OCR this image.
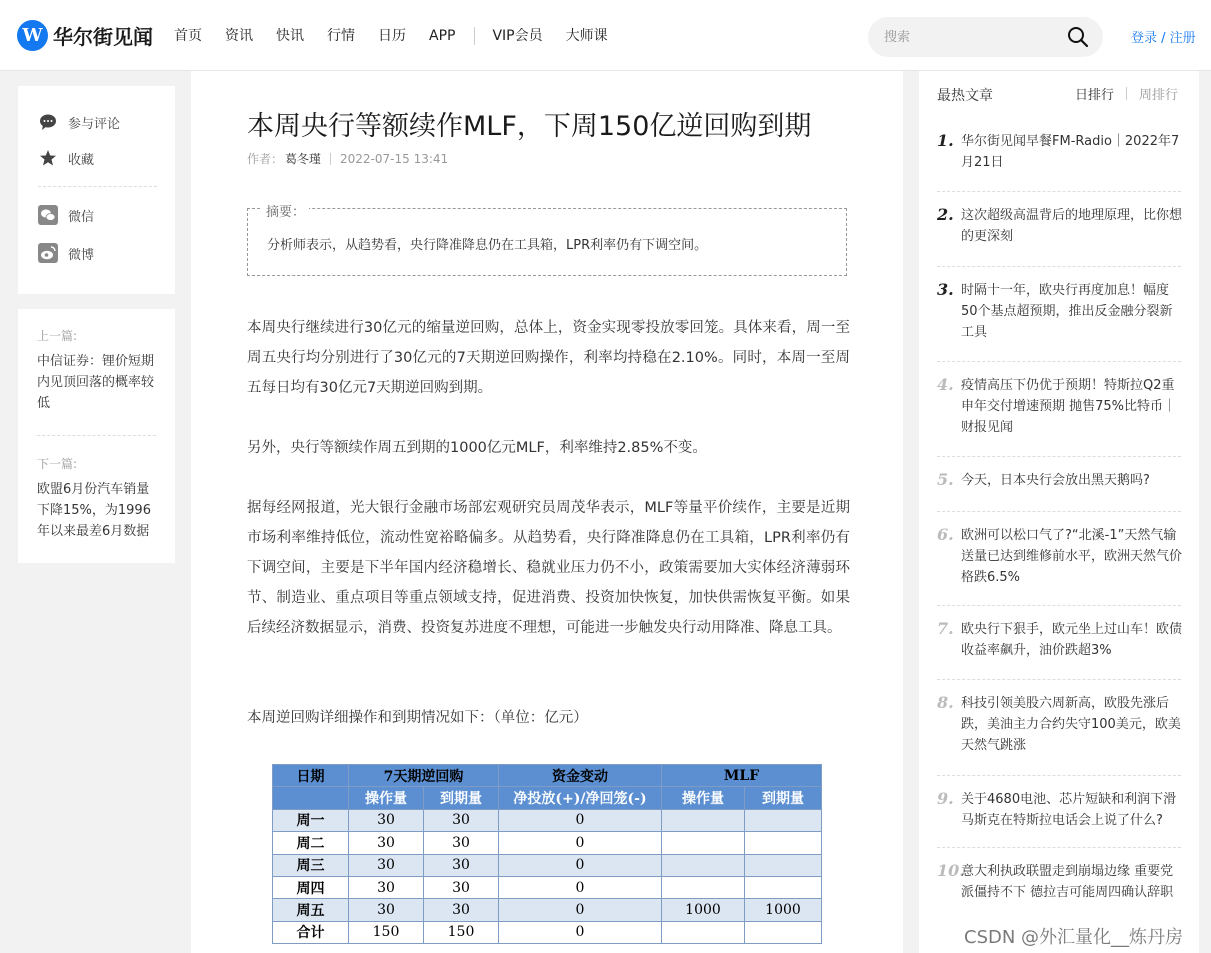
W 华尔街见闻 首页 资讯 快讯 行情 日历 APP	VIP会员 大师课
搜索	登录 / 注册
参与评论
收藏
微信
微博
上一篇:
中信证券：锂价短期内见顶回落的概率较低
下一篇:
欧盟6月份汽车销量下降15%，为1996年以来最差6月数据
本周央行等额续作MLF，下周150亿逆回购到期
作者： 葛冬瑾 2022-07-15 13:41
摘要：
分析师表示，从趋势看，央行降准降息仍在工具箱，LPR利率仍有下调空间。

本周央行继续进行30亿元的缩量逆回购，总体上，资金实现零投放零回笼。具体来看，周一至周五央行均分别进行了30亿元的7天期逆回购操作，利率均持稳在2.10%。同时，本周一至周五每日均有30亿元7天期逆回购到期。

另外，央行等额续作周五到期的1000亿元MLF，利率维持2.85%不变。

据每经网报道，光大银行金融市场部宏观研究员周茂华表示，MLF等量平价续作，主要是近期市场利率维持低位，流动性宽裕略偏多。从趋势看，央行降准降息仍在工具箱，LPR利率仍有下调空间，主要是下半年国内经济稳增长、稳就业压力仍不小，政策需要加大实体经济薄弱环节、制造业、重点项目等重点领域支持，促进消费、投资加快恢复，加快供需恢复平衡。如果后续经济数据显示，消费、投资复苏进度不理想，可能进一步触发央行动用降准、降息工具。

本周逆回购详细操作和到期情况如下：（单位：亿元）

日期	7天期逆回购		资金变动	MLF	
	操作量	到期量	净投放(+)/净回笼(-)	操作量	到期量
周一	30	30	0		
周二	30	30	0		
周三	30	30	0		
周四	30	30	0		
周五	30	30	0	1000	1000
合计	150	150	0		
最热文章	日排行 周排行
1. 华尔街见闻早餐FM-Radio｜2022年7月21日
2. 这次超级高温背后的地理原理，比你想的更深刻
3. 时隔十一年，欧央行再度加息！幅度50个基点超预期，推出反金融分裂新工具
4. 疫情高压下仍优于预期！特斯拉Q2重申年交付增速预期 抛售75%比特币｜财报见闻
5. 今天，日本央行会放出黑天鹅吗?
6. 欧洲可以松口气了?“北溪-1”天然气输送量已达到维修前水平，欧洲天然气价格跌6.5%
7. 欧央行下狠手，欧元坐上过山车！欧债收益率飙升，油价跌超3%
8. 科技引领美股六周新高，欧股先涨后跌，美油主力合约失守100美元，欧美天然气跳涨
9. 关于4680电池、芯片短缺和利润下滑 马斯克在特斯拉电话会上说了什么?
10.
意大利执政联盟走到崩塌边缘 重要党派僵持不下 德拉吉可能周四确认辞职
CSDN @外汇量化__炼丹房
